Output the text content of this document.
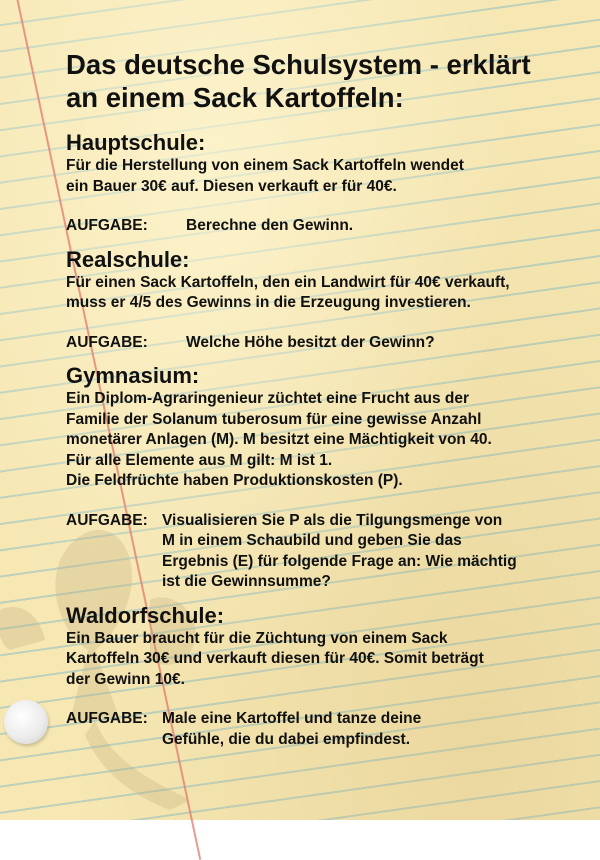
Das deutsche Schulsystem - erklärt
an einem Sack Kartoffeln:
Hauptschule:
Für die Herstellung von einem Sack Kartoffeln wendet
ein Bauer 30€ auf. Diesen verkauft er für 40€.
AUFGABE:	Berechne den Gewinn.
Realschule:
Für einen Sack Kartoffeln, den ein Landwirt für 40€ verkauft,
muss er 4/5 des Gewinns in die Erzeugung investieren.
AUFGABE:	Welche Höhe besitzt der Gewinn?
Gymnasium:
Ein Diplom-Agraringenieur züchtet eine Frucht aus der
Familie der Solanum tuberosum für eine gewisse Anzahl
monetärer Anlagen (M). M besitzt eine Mächtigkeit von 40.
Für alle Elemente aus M gilt: M ist 1.
Die Feldfrüchte haben Produktionskosten (P).
AUFGABE: Visualisieren Sie P als die Tilgungsmenge von
M in einem Schaubild und geben Sie das
Ergebnis (E) für folgende Frage an: Wie mächtig
ist die Gewinnsumme?
Waldorfschule:
Ein Bauer braucht für die Züchtung von einem Sack
Kartoffeln 30€ und verkauft diesen für 40€. Somit beträgt
der Gewinn 10€.
AUFGABE: Male eine Kartoffel und tanze deine
Gefühle, die du dabei empfindest.
